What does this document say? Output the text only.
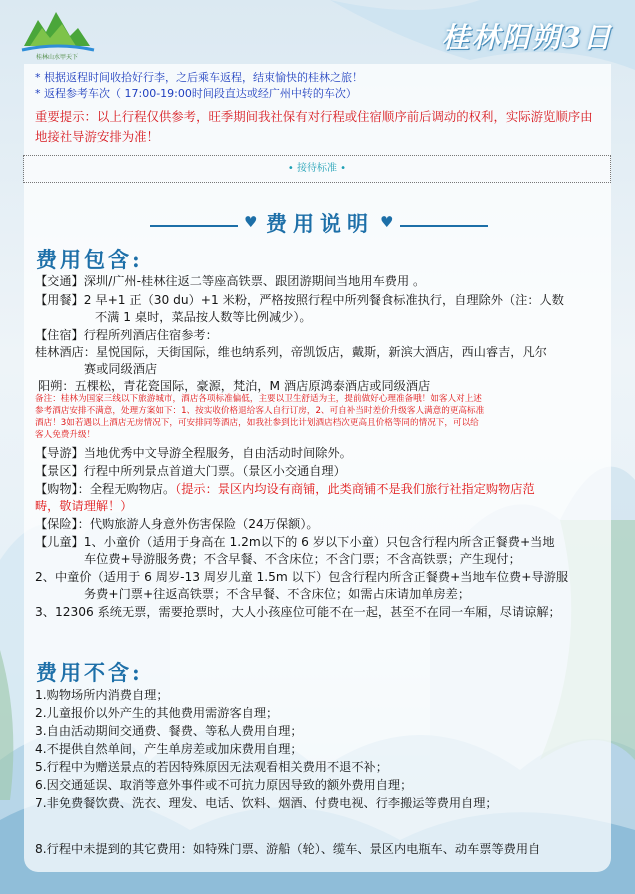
桂林山水甲天下
桂林阳朔3日
* 根据返程时间收拾好行李，之后乘车返程，结束愉快的桂林之旅！
* 返程参考车次（ 17:00-19:00时间段直达或经广州中转的车次）
重要提示：以上行程仅供参考，旺季期间我社保有对行程或住宿顺序前后调动的权利，实际游览顺序由地接社导游安排为准！
• 接待标准 •
♥ 费用说明 ♥
费用包含:
【交通】深圳/广州-桂林往返二等座高铁票、跟团游期间当地用车费用 。
【用餐】2 早+1 正（30 du）+1 米粉，严格按照行程中所列餐食标准执行，自理除外（注：人数
不满 1 桌时，菜品按人数等比例减少）。
【住宿】行程所列酒店住宿参考：
桂林酒店：星悦国际，天街国际，维也纳系列，帝凯饭店，戴斯，新滨大酒店，西山睿吉，凡尔
赛或同级酒店
阳朔：五棵松，青花瓷国际，豪源，梵泊，M 酒店原鸿泰酒店或同级酒店
备注：桂林为国家三线以下旅游城市，酒店各项标准偏低，主要以卫生舒适为主，提前做好心理准备哦！如客人对上述
参考酒店安排不满意，处理方案如下：1、按实收价格退给客人自行订房，2、可自补当时差价升级客人满意的更高标准
酒店！3如若遇以上酒店无房情况下，可安排同等酒店，如我社参到比计划酒店档次更高且价格等同的情况下，可以给
客人免费升级！
【导游】当地优秀中文导游全程服务，自由活动时间除外。
【景区】行程中所列景点首道大门票。（景区小交通自理）
【购物】：全程无购物店。（提示：景区内均设有商铺，此类商铺不是我们旅行社指定购物店范
畴，敬请理解！）
【保险】：代购旅游人身意外伤害保险（24万保额）。
【儿童】1、小童价（适用于身高在 1.2m以下的 6 岁以下小童）只包含行程内所含正餐费+当地
车位费+导游服务费；不含早餐、不含床位；不含门票；不含高铁票；产生现付；
2、中童价（适用于 6 周岁-13 周岁儿童 1.5m 以下）包含行程内所含正餐费+当地车位费+导游服
务费+门票+往返高铁票；不含早餐、不含床位；如需占床请加单房差；
3、12306 系统无票，需要抢票时，大人小孩座位可能不在一起，甚至不在同一车厢，尽请谅解；
费用不含:
1.购物场所内消费自理；
2.儿童报价以外产生的其他费用需游客自理；
3.自由活动期间交通费、餐费、等私人费用自理；
4.不提供自然单间，产生单房差或加床费用自理；
5.行程中为赠送景点的若因特殊原因无法观看相关费用不退不补；
6.因交通延误、取消等意外事件或不可抗力原因导致的额外费用自理；
7.非免费餐饮费、洗衣、理发、电话、饮料、烟酒、付费电视、行李搬运等费用自理；
8.行程中未提到的其它费用：如特殊门票、游船（轮）、缆车、景区内电瓶车、动车票等费用自
